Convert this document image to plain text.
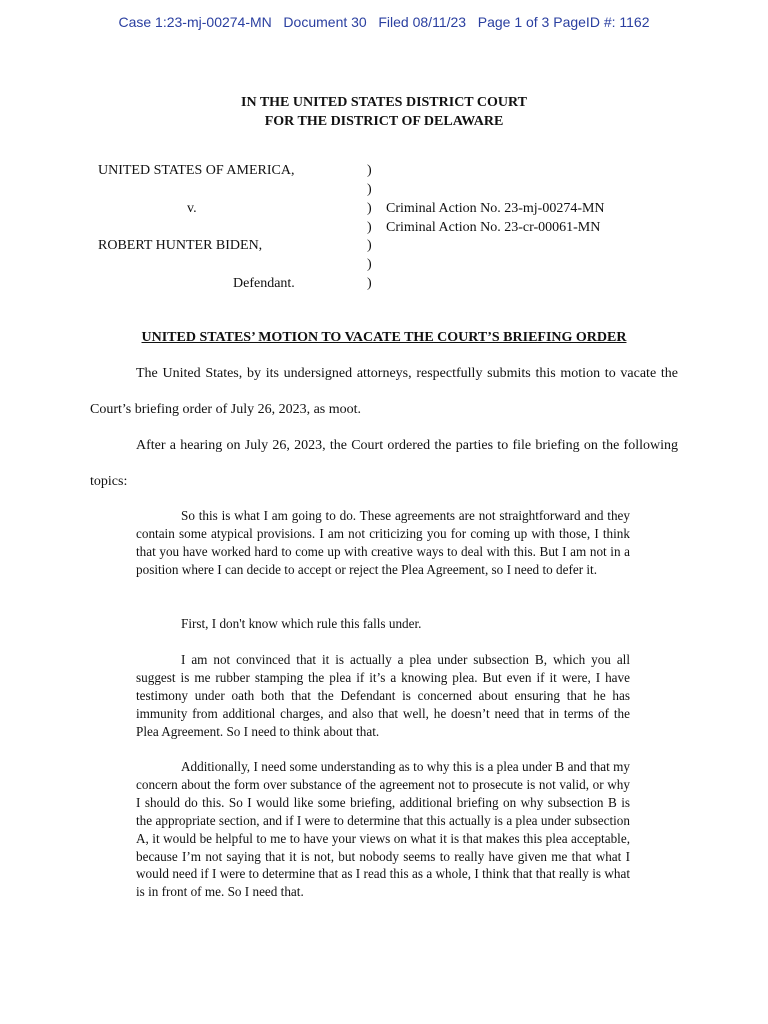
Case 1:23-mj-00274-MN   Document 30   Filed 08/11/23   Page 1 of 3 PageID #: 1162
IN THE UNITED STATES DISTRICT COURT
FOR THE DISTRICT OF DELAWARE
UNITED STATES OF AMERICA,
v.
ROBERT HUNTER BIDEN,
Defendant.
)
)
)
)
)
)
)
Criminal Action No. 23-mj-00274-MN
Criminal Action No. 23-cr-00061-MN
UNITED STATES’ MOTION TO VACATE THE COURT’S BRIEFING ORDER

The United States, by its undersigned attorneys, respectfully submits this motion to vacate the Court’s briefing order of July 26, 2023, as moot.

After a hearing on July 26, 2023, the Court ordered the parties to file briefing on the following topics:

So this is what I am going to do. These agreements are not straightforward and they contain some atypical provisions. I am not criticizing you for coming up with those, I think that you have worked hard to come up with creative ways to deal with this. But I am not in a position where I can decide to accept or reject the Plea Agreement, so I need to defer it.

First, I don't know which rule this falls under.

I am not convinced that it is actually a plea under subsection B, which you all suggest is me rubber stamping the plea if it’s a knowing plea. But even if it were, I have testimony under oath both that the Defendant is concerned about ensuring that he has immunity from additional charges, and also that well, he doesn’t need that in terms of the Plea Agreement. So I need to think about that.

Additionally, I need some understanding as to why this is a plea under B and that my concern about the form over substance of the agreement not to prosecute is not valid, or why I should do this. So I would like some briefing, additional briefing on why subsection B is the appropriate section, and if I were to determine that this actually is a plea under subsection A, it would be helpful to me to have your views on what it is that makes this plea acceptable, because I’m not saying that it is not, but nobody seems to really have given me that what I would need if I were to determine that as I read this as a whole, I think that that really is what is in front of me. So I need that.
